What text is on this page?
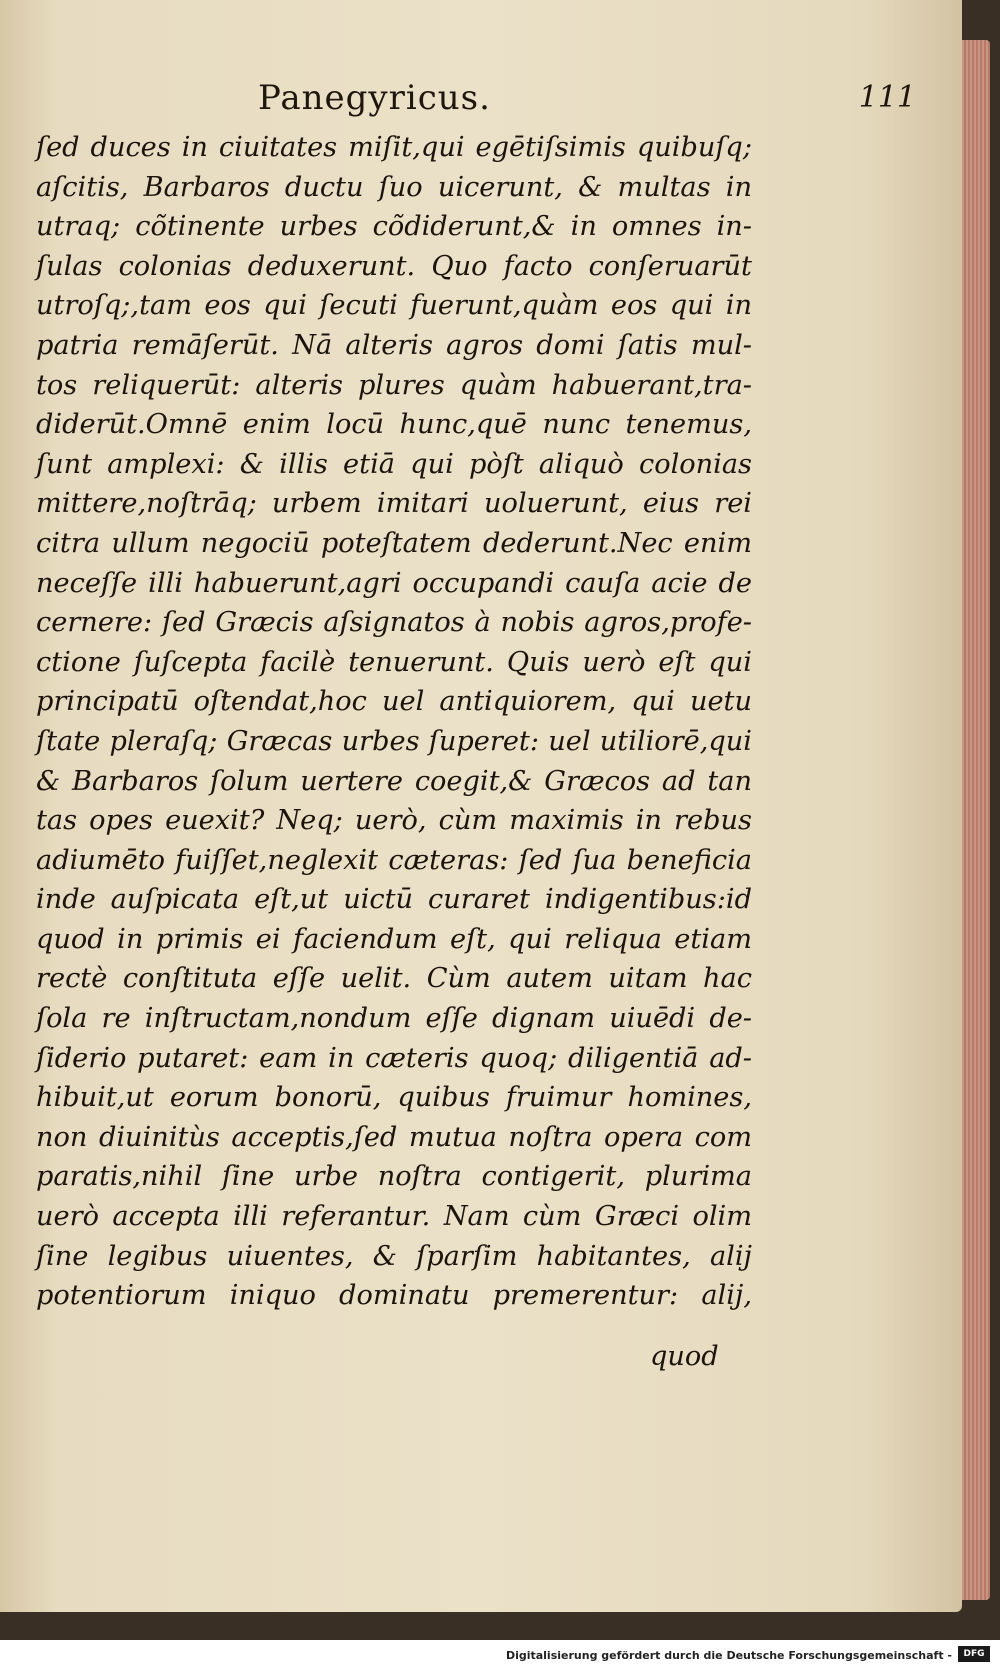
Panegyricus.	111
ſed duces in ciuitates miſit,qui egētiſsimis quibuſq;
aſcitis, Barbaros ductu ſuo uicerunt, & multas in
utraq; cõtinente urbes cõdiderunt,& in omnes in-
ſulas colonias deduxerunt. Quo facto conſeruarūt
utroſq;,tam eos qui ſecuti fuerunt,quàm eos qui in
patria remāſerūt. Nā alteris agros domi ſatis mul-
tos reliquerūt: alteris plures quàm habuerant,tra-
diderūt.Omnē enim locū hunc,quē nunc tenemus,
ſunt amplexi: & illis etiā qui pòſt aliquò colonias
mittere,noſtrāq; urbem imitari uoluerunt, eius rei
citra ullum negociū poteſtatem dederunt.Nec enim
neceſſe illi habuerunt,agri occupandi cauſa acie de
cernere: ſed Græcis aſsignatos à nobis agros,profe-
ctione ſuſcepta facilè tenuerunt. Quis uerò eſt qui
principatū oſtendat,hoc uel antiquiorem, qui uetu
ſtate pleraſq; Græcas urbes ſuperet: uel utiliorē,qui
& Barbaros ſolum uertere coegit,& Græcos ad tan
tas opes euexit? Neq; uerò, cùm maximis in rebus
adiumēto fuiſſet,neglexit cæteras: ſed ſua beneficia
inde auſpicata eſt,ut uictū curaret indigentibus:id
quod in primis ei faciendum eſt, qui reliqua etiam
rectè conſtituta eſſe uelit. Cùm autem uitam hac
ſola re inſtructam,nondum eſſe dignam uiuēdi de-
ſiderio putaret: eam in cæteris quoq; diligentiā ad-
hibuit,ut eorum bonorū, quibus fruimur homines,
non diuinitùs acceptis,ſed mutua noſtra opera com
paratis,nihil ſine urbe noſtra contigerit, plurima
uerò accepta illi referantur. Nam cùm Græci olim
ſine legibus uiuentes, & ſparſim habitantes, alij
potentiorum iniquo dominatu premerentur: alij,
quod
Digitalisierung gefördert durch die Deutsche Forschungsgemeinschaft -	DFG
